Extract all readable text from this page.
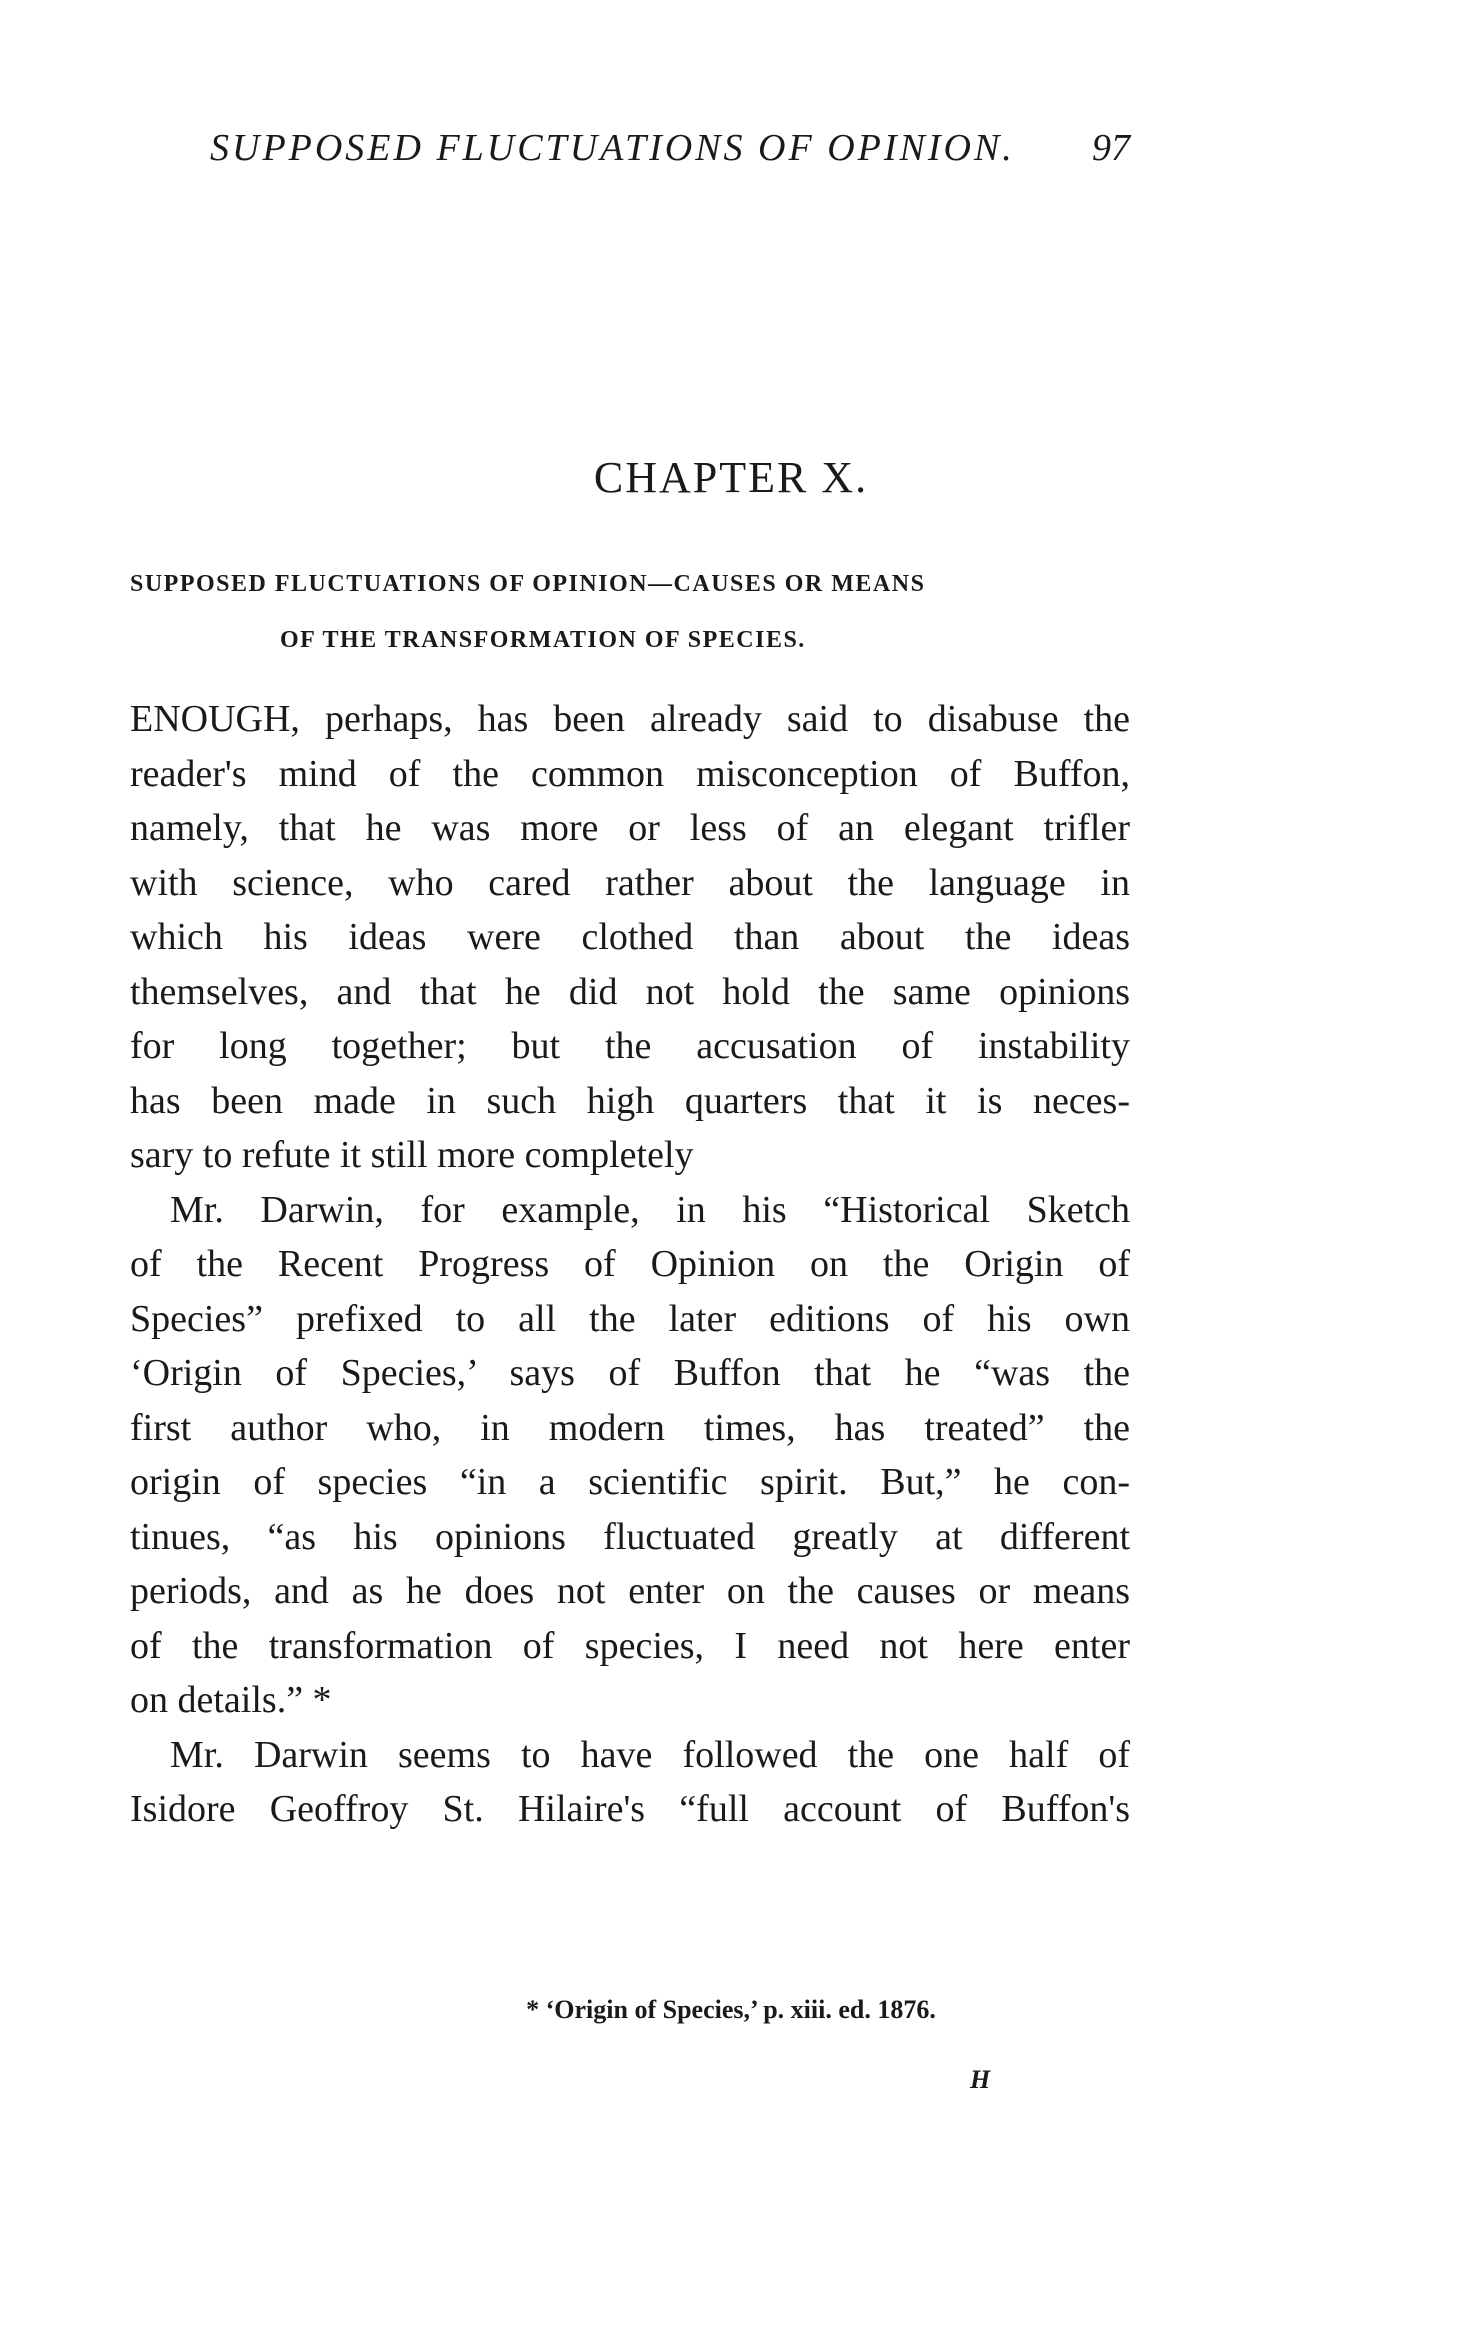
SUPPOSED FLUCTUATIONS OF OPINION. 97
CHAPTER X.
SUPPOSED FLUCTUATIONS OF OPINION—CAUSES OR MEANS
OF THE TRANSFORMATION OF SPECIES.

ENOUGH, perhaps, has been already said to disabuse the
reader's mind of the common misconception of Buffon,
namely, that he was more or less of an elegant trifler
with science, who cared rather about the language in
which his ideas were clothed than about the ideas
themselves, and that he did not hold the same opinions
for long together; but the accusation of instability
has been made in such high quarters that it is neces-
sary to refute it still more completely

Mr. Darwin, for example, in his “Historical Sketch
of the Recent Progress of Opinion on the Origin of
Species” prefixed to all the later editions of his own
‘Origin of Species,’ says of Buffon that he “was the
first author who, in modern times, has treated” the
origin of species “in a scientific spirit. But,” he con-
tinues, “as his opinions fluctuated greatly at different
periods, and as he does not enter on the causes or means
of the transformation of species, I need not here enter
on details.” *

Mr. Darwin seems to have followed the one half of
Isidore Geoffroy St. Hilaire's “full account of Buffon's

* ‘Origin of Species,’ p. xiii. ed. 1876.
H
